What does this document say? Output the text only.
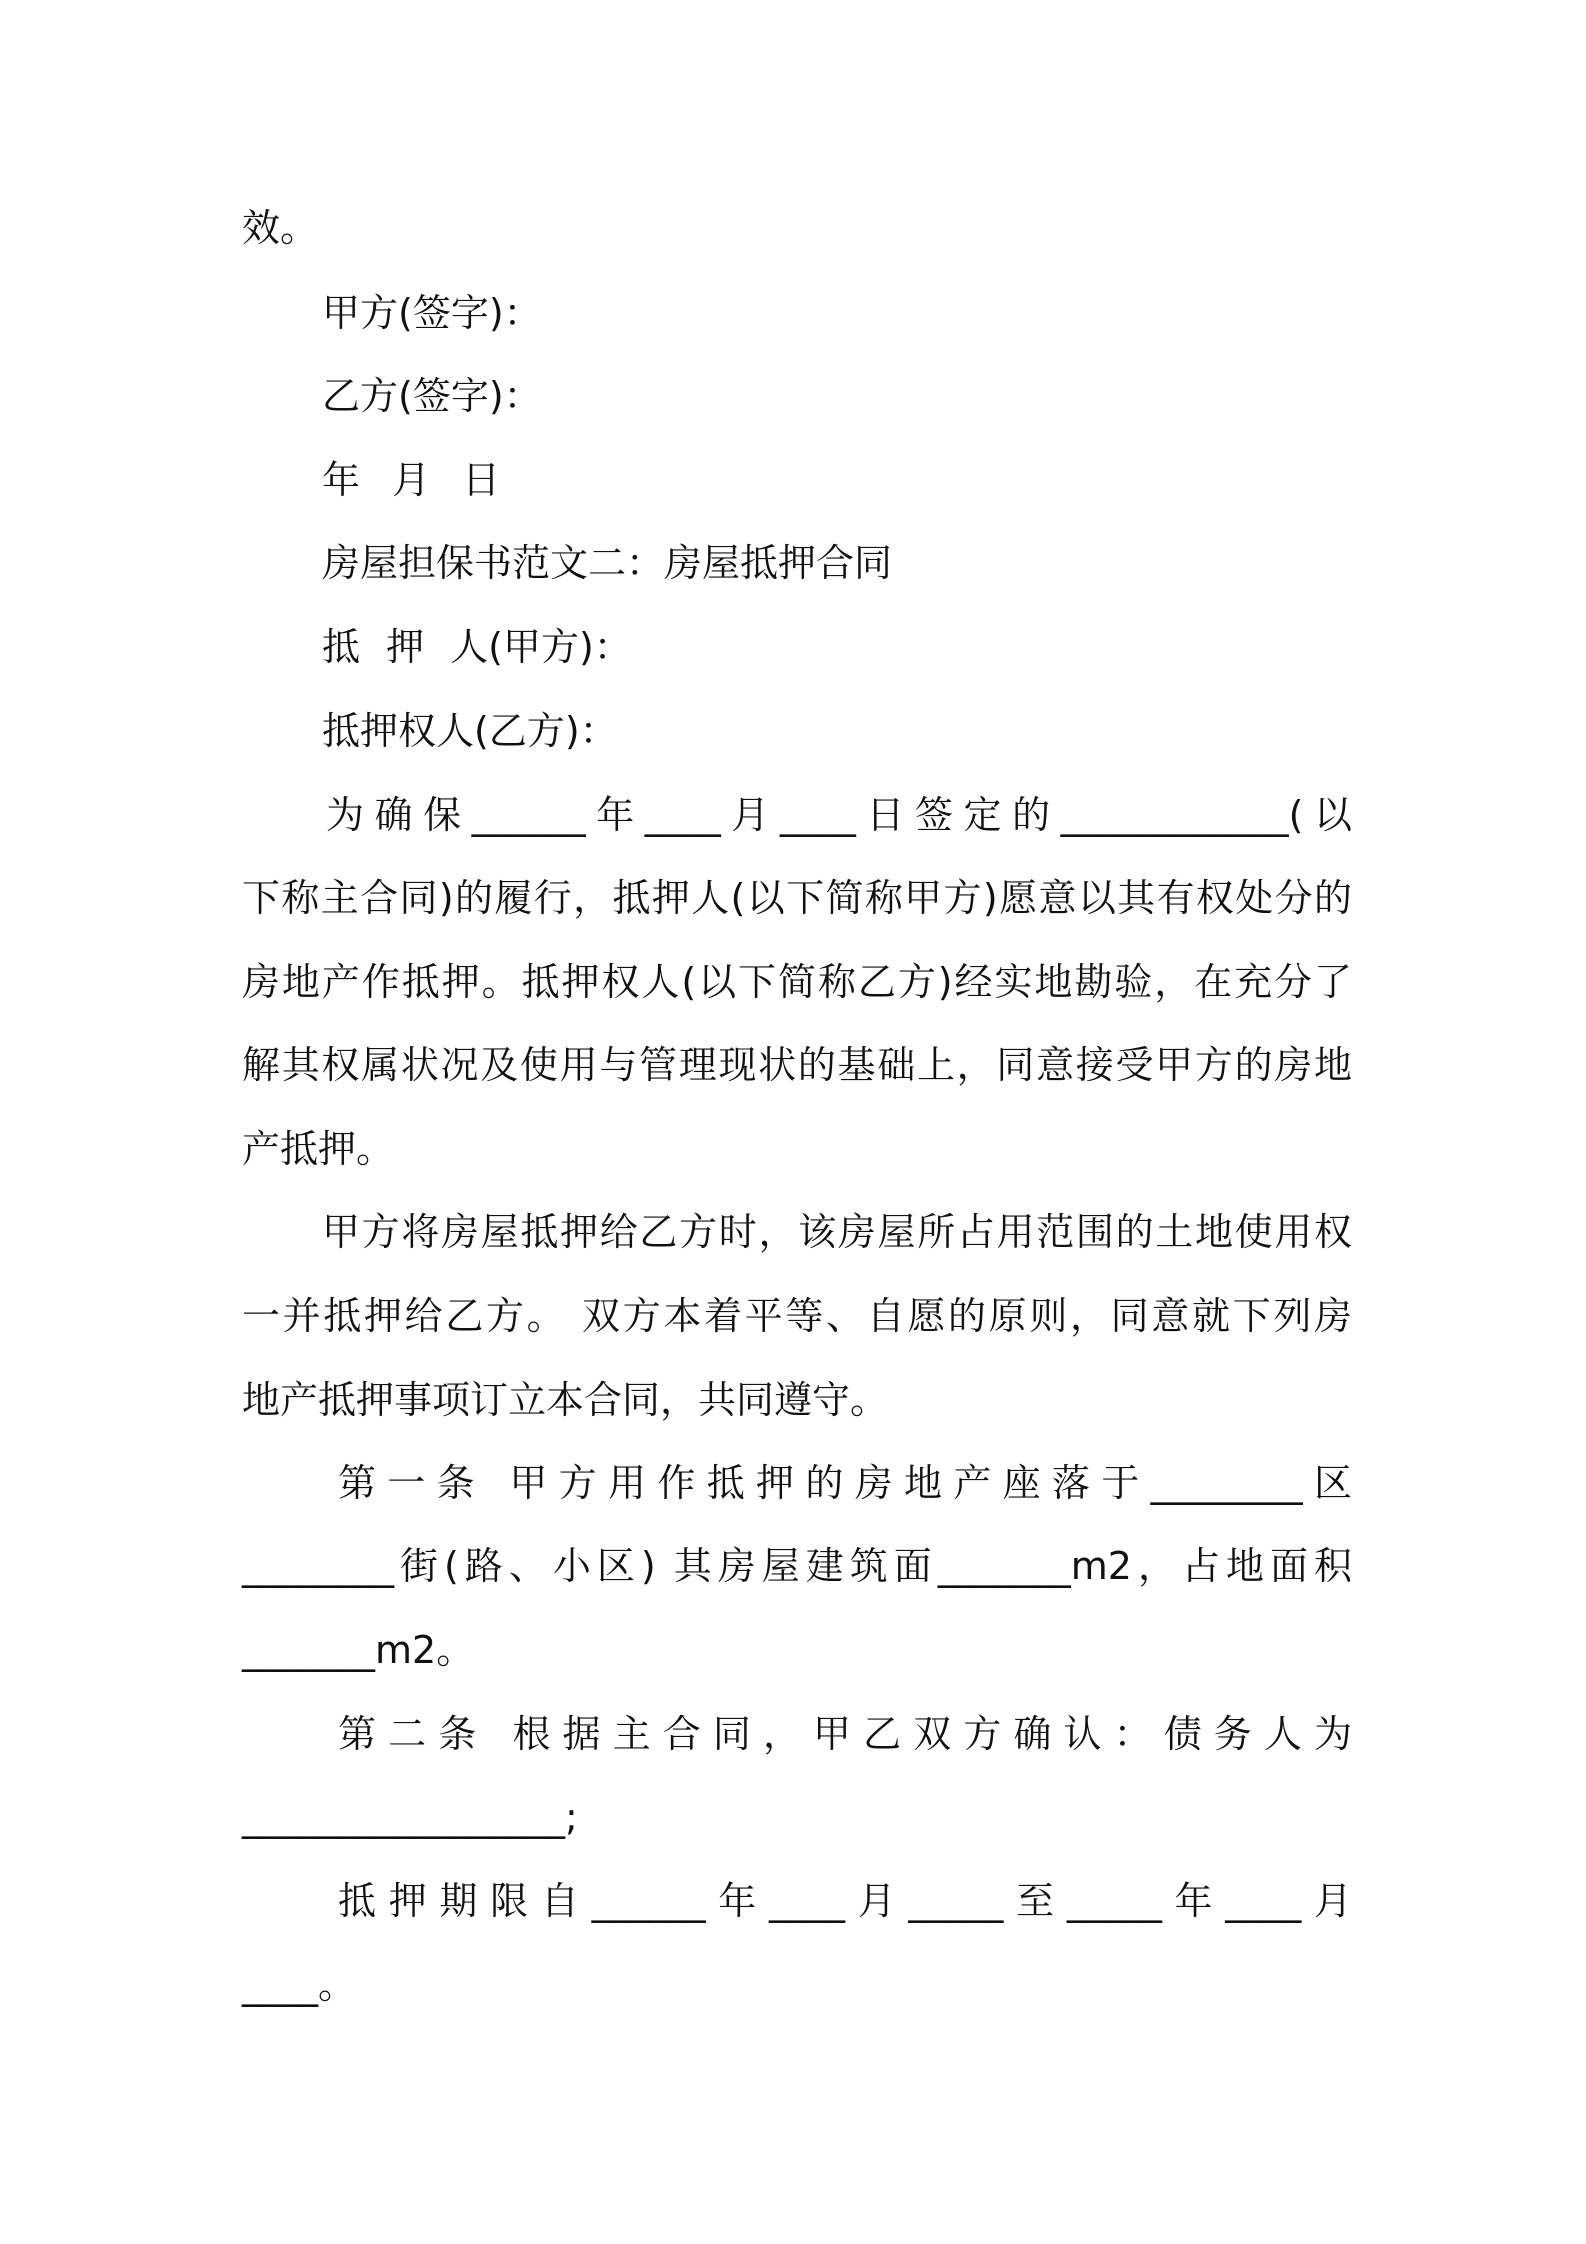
效。

甲方(签字)：

乙方(签字)：

年 月 日

房屋担保书范文二：房屋抵押合同

抵 押 人(甲方)：

抵押权人(乙方)：

为确保______年____月____日签定的____________(以

下称主合同)的履行，抵押人(以下简称甲方)愿意以其有权处分的

房地产作抵押。抵押权人(以下简称乙方)经实地勘验，在充分了

解其权属状况及使用与管理现状的基础上，同意接受甲方的房地

产抵押。

甲方将房屋抵押给乙方时，该房屋所占用范围的土地使用权

一并抵押给乙方。 双方本着平等、自愿的原则，同意就下列房

地产抵押事项订立本合同，共同遵守。

第一条 甲方用作抵押的房地产座落于________区

________街(路、小区) 其房屋建筑面_______m2，占地面积

_______m2。

第二条 根据主合同，甲乙双方确认：债务人为

_________________;

抵押期限自______年____月_____至_____年____月

____。
